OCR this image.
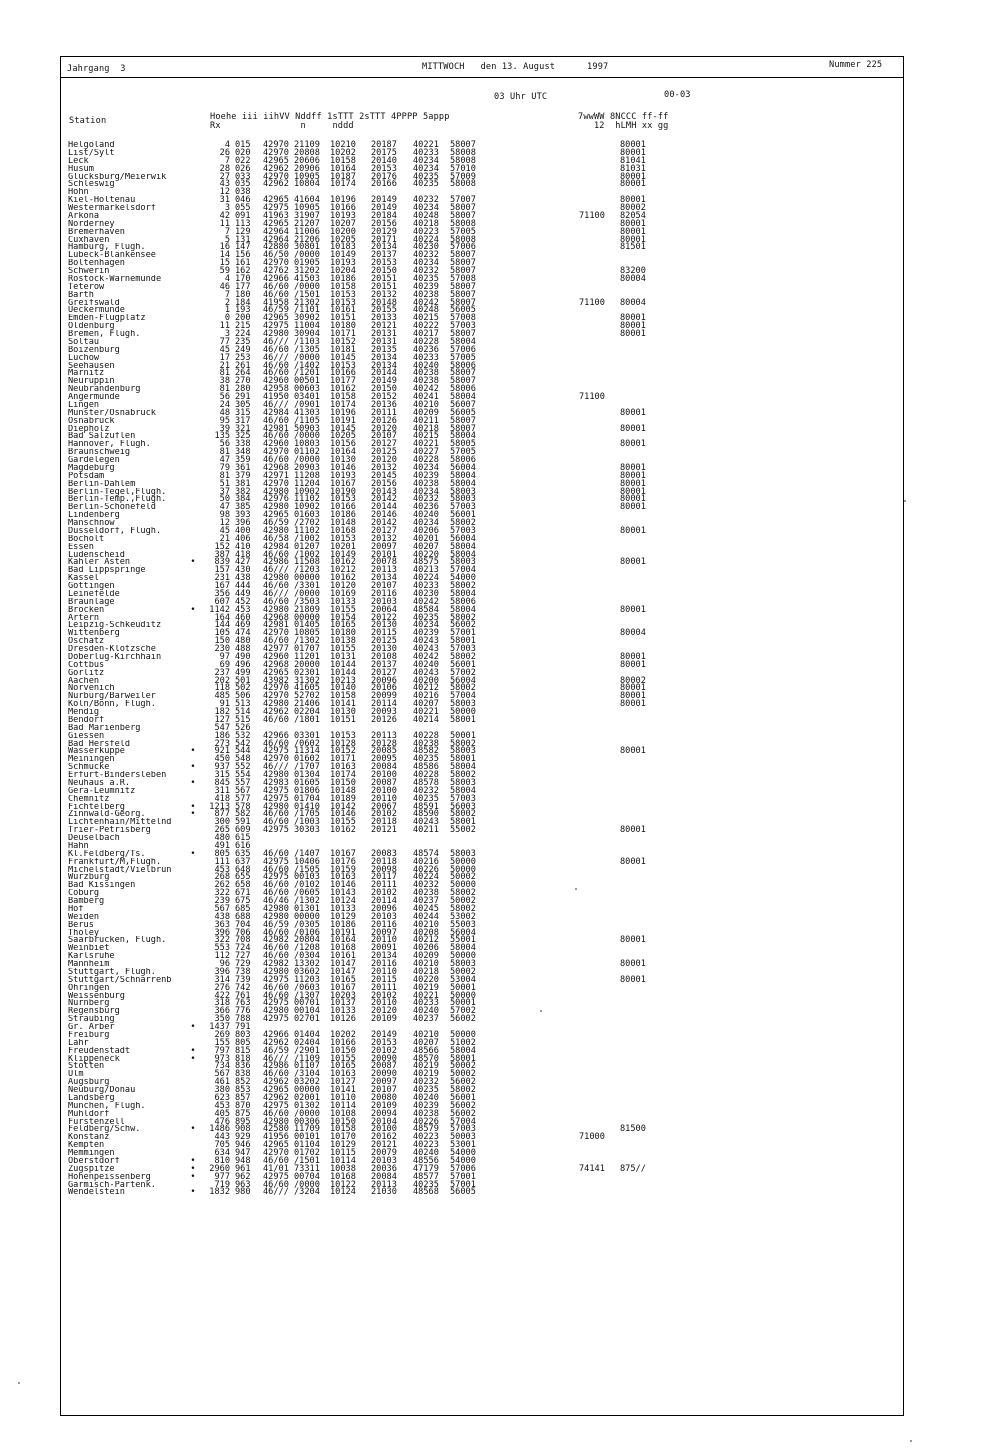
Jahrgang  3	MITTWOCH   den 13. August      1997	Nummer 225
03 Uhr UTC	00-03
Station	Hoehe iii iihVV Nddff 1sTTT 2sTTT 4PPPP 5appp
Rx               n     nddd
7wwWW 8NCCC ff-ff
12  hLMH xx gg
Helgoland	4 015 42970 21109 10210 20187 40221 58007	80001
List/Sylt	26 020 42970 20808 10202 20175 40233 58008	80001
Leck	7 022 42965 20606 10158 20140 40234 58008	81041
Husum	28 026 42962 20906 10164 20153 40234 57010	81031
Glücksburg/Meierwik	27 033 42970 10905 10187 20176 40235 57009	80001
Schleswig	43 035 42962 10804 10174 20166 40235 58008	80001
Hohn	12 038
Kiel-Holtenau	31 046 42965 41604 10196 20149 40232 57007	80001
Westermarkelsdorf	3 055 42975 10905 10166 20149 40234 58007	80002
Arkona	42 091 41963 31907 10193 20184 40248 58007	71100 82054
Norderney	11 113 42965 21207 10207 20156 40218 58008	80001
Bremerhaven	7 129 42964 11006 10200 20129 40223 57005	80001
Cuxhaven	5 131 42964 21206 10205 20171 40224 58008	80001
Hamburg, Flugh.	16 147 42880 30801 10183 20134 40230 57006	81501
Lübeck-Blankensee	14 156 46/50 /0000 10149 20137 40232 58007
Boltenhagen	15 161 42970 01905 10193 20153 40234 58007
Schwerin	59 162 42762 31202 10204 20150 40232 58007	83200
Rostock-Warnemünde	4 170 42966 41503 10186 20151 40235 57008	80004
Teterow	46 177 46/60 /0000 10158 20151 40239 58007
Barth	7 180 46/60 /1501 10153 20132 40238 58007
Greifswald	2 184 41958 21302 10153 20148 40242 58007	71100 80004
Ueckermünde	1 193 46/59 /1101 10161 20155 40248 56005
Emden-Flugplatz	0 200 42965 30902 10151 20133 40215 57008	80001
Oldenburg	11 215 42975 11004 10180 20121 40222 57003	80001
Bremen, Flugh.	3 224 42980 30904 10171 20131 40217 58007	80001
Soltau	77 235 46/// /1103 10152 20131 40228 58004
Boizenburg	45 249 46/60 /1305 10181 20135 40236 57006
Lüchow	17 253 46/// /0000 10145 20134 40233 57005
Seehausen	21 261 46/60 /1402 10153 20134 40240 58006
Marnitz	81 264 46/60 /1201 10166 20144 40238 58007
Neuruppin	38 270 42960 00501 10177 20149 40238 58007
Neubrandenburg	81 280 42958 00603 10162 20150 40242 58006
Angermünde	56 291 41950 03401 10158 20152 40241 58004	71100
Lingen	24 305 46/// /0901 10174 20136 40210 56007
Münster/Osnabrück	48 315 42984 41303 10196 20111 40209 56005	80001
Osnabrück	95 317 46/60 /1105 10191 20126 40211 58007
Diepholz	39 321 42981 50903 10145 20120 40218 58007	80001
Bad Salzuflen	135 325 46/60 /0000 10205 20107 40215 58004
Hannover, Flugh.	56 338 42960 10803 10156 20127 40221 58005	80001
Braunschweig	81 348 42970 01102 10164 20125 40227 57005
Gardelegen	47 359 46/60 /0000 10130 20120 40228 58006
Magdeburg	79 361 42968 20903 10146 20132 40234 56004	80001
Potsdam	81 379 42971 11208 10193 20145 40239 58004	80001
Berlin-Dahlem	51 381 42970 11204 10167 20156 40238 58004	80001
Berlin-Tegel,Flugh.	37 382 42980 10902 10190 20143 40234 58003	80001
Berlin-Temp.,Flugh.	50 384 42976 11102 10153 20142 40232 58003	80001
Berlin-Schönefeld	47 385 42980 10902 10166 20144 40236 57003	80001
Lindenberg	98 393 42965 01603 10186 20146 40240 56001
Manschnow	12 396 46/59 /2702 10148 20142 40234 58002
Düsseldorf, Flugh.	45 400 42980 11102 10168 20127 40206 57003	80001
Bocholt	21 406 46/58 /1002 10153 20132 40201 56004
Essen	152 410 42984 01207 10201 20097 40207 58004
Lüdenscheid	387 418 46/60 /1002 10149 20101 40220 58004
Kahler Asten	•	839 427 42986 11508 10162 20078 48575 58003	80001
Bad Lippspringe	157 430 46/// /1203 10212 20113 40213 57004
Kassel	231 438 42980 00000 10162 20134 40224 54000
Göttingen	167 444 46/60 /3301 10120 20107 40233 58002
Leinefelde	356 449 46/// /0000 10169 20116 40230 58004
Braunlage	607 452 46/60 /3503 10133 20103 40242 58006
Brocken	•	1142 453 42980 21809 10155 20064 48584 58004	80001
Artern	164 460 42968 00000 10154 20122 40235 58002
Leipzig-Schkeuditz	144 469 42981 01405 10165 20130 40234 56002
Wittenberg	105 474 42970 10805 10180 20115 40239 57001	80004
Oschatz	150 480 46/60 /1302 10138 20125 40243 58001
Dresden-Klotzsche	230 488 42977 01707 10155 20130 40243 57003
Doberlug-Kirchhain	97 490 42960 11201 10131 20108 40242 58002	80001
Cottbus	69 496 42968 20000 10144 20137 40240 56001	80001
Görlitz	237 499 42965 02301 10144 20127 40243 57002
Aachen	202 501 43982 31302 10213 20096 40200 56004	80002
Nörvenich	118 502 42970 41605 10140 20106 40212 58002	80001
Nürburg/Barweiler	485 506 42970 52702 10158 20099 40216 57004	80001
Köln/Bonn, Flugh.	91 513 42980 21406 10141 20114 40207 58003	80001
Mendig	182 514 42962 02204 10130 20093 40221 50000
Bendorf	127 515 46/60 /1801 10151 20126 40214 58001
Bad Marienberg	547 526
Giessen	186 532 42966 03301 10153 20113 40228 50001
Bad Hersfeld	273 542 46/60 /0602 10128 20128 40238 58002
Wasserkuppe	•	921 544 42975 11314 10152 20085 48582 58003	80001
Meiningen	450 548 42970 01602 10171 20095 40235 58001
Schmücke	•	937 552 46/// /1707 10163 20084 48586 58004
Erfurt-Bindersleben	315 554 42980 01304 10174 20100 40228 58002
Neuhaus a.R.	•	845 557 42983 01605 10150 20087 48578 58003
Gera-Leumnitz	311 567 42975 01806 10148 20100 40232 58004
Chemnitz	418 577 42975 01704 10189 20110 40235 57003
Fichtelberg	•	1213 578 42980 01410 10142 20067 48591 56003
Zinnwald-Georg.	•	877 582 46/60 /1705 10146 20102 48590 58002
Lichtenhain/Mittelnd	300 591 46/60 /1003 10155 20118 40243 58001
Trier-Petrisberg	265 609 42975 30303 10162 20121 40211 55002	80001
Deuselbach	480 615
Hahn	491 616
Kl.Feldberg/Ts.	•	805 635 46/60 /1407 10167 20083 48574 58003
Frankfurt/M,Flugh.	111 637 42975 10406 10176 20118 40216 50000	80001
Michelstadt/Vielbrun	453 648 46/60 /1505 10159 20098 40226 50000
Würzburg	268 655 42975 00103 10163 20117 40224 50002
Bad Kissingen	262 658 46/60 /0102 10146 20111 40232 50000
Coburg	322 671 46/60 /0605 10143 20102 40238 58002
Bamberg	239 675 46/46 /1302 10124 20114 40237 50002
Hof	567 685 42980 01301 10133 20096 40245 58002
Weiden	438 688 42980 00000 10129 20103 40244 53002
Berus	363 704 46/59 /0305 10186 20116 40210 55003
Tholey	396 706 46/60 /0106 10191 20097 40208 56004
Saarbrücken, Flugh.	322 708 42982 20804 10164 20110 40212 55001	80001
Weinbiet	553 724 46/60 /1208 10168 20091 40206 58004
Karlsruhe	112 727 46/60 /0304 10161 20134 40209 50000
Mannheim	96 729 42982 13302 10147 20116 40210 58003	80001
Stuttgart, Flugh.	396 738 42980 03602 10147 20110 40218 50002
Stuttgart/Schnarrenb	314 739 42975 11203 10165 20115 40220 53004	80001
Öhringen	276 742 46/60 /0603 10167 20111 40219 50001
Weissenburg	422 761 46/60 /1307 10203 20102 40221 50000
Nürnberg	318 763 42975 00701 10137 20110 40233 50001
Regensburg	366 776 42980 00104 10133 20120 40240 57002
Straubing	350 788 42975 02701 10126 20109 40237 56002
Gr. Arber	•	1437 791
Freiburg	269 803 42966 01404 10202 20149 40210 50000
Lahr	155 805 42962 02404 10166 20153 40207 51002
Freudenstadt	•	797 815 46/59 /2901 10150 20102 48566 58004
Klippeneck	•	973 818 46/// /1109 10155 20090 48570 58001
Stötten	734 836 42986 01107 10165 20087 40219 50002
Ulm	567 838 46/60 /3104 10163 20090 40219 50002
Augsburg	461 852 42962 03202 10127 20097 40232 56002
Neuburg/Donau	380 853 42965 00000 10141 20107 40235 58002
Landsberg	623 857 42962 02001 10110 20080 40240 56001
München, Flugh.	453 870 42975 01302 10114 20109 40239 56002
Mühldorf	405 875 46/60 /0000 10108 20094 40238 56002
Fürstenzell	476 895 42980 00306 10150 20104 40226 57004
Feldberg/Schw.	•	1486 908 42580 11709 10158 20100 48579 57003	81500
Konstanz	443 929 41956 00101 10170 20162 40223 50003	71000
Kempten	705 946 42965 01104 10129 20121 40223 53001
Memmingen	634 947 42970 01702 10115 20079 40240 54000
Oberstdorf	•	810 948 46/60 /1501 10114 20103 48556 54000
Zugspitze	•	2960 961 41/01 73311 10038 20036 47179 57006	74141 875//
Hohenpeissenberg	•	977 962 42975 00704 10168 20084 48577 57001
Garmisch-Partenk.	719 963 46/60 /0000 10122 20113 40235 57001
Wendelstein	•	1832 980 46/// /3204 10124 21030 48568 56005
